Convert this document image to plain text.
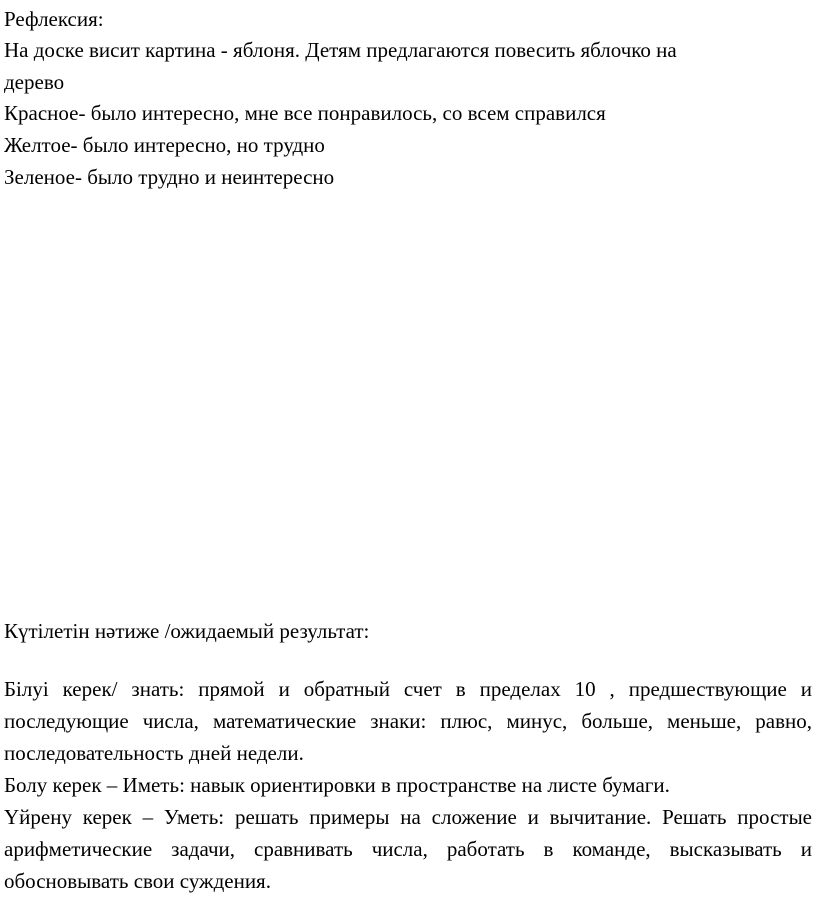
Рефлексия:
На доске висит картина - яблоня. Детям предлагаются повесить яблочко на
дерево
Красное- было интересно, мне все понравилось, со всем справился
Желтое- было интересно, но трудно
Зеленое- было трудно и неинтересно
Күтілетін нәтиже /ожидаемый результат:

Білуі керек/ знать: прямой и обратный счет в пределах 10 , предшествующие и последующие числа, математические знаки: плюс, минус, больше, меньше, равно, последовательность дней недели.

Болу керек – Иметь: навык ориентировки в пространстве на листе бумаги.

Үйрену керек – Уметь: решать примеры на сложение и вычитание. Решать простые арифметические задачи, сравнивать числа, работать в команде, высказывать и обосновывать свои суждения.
